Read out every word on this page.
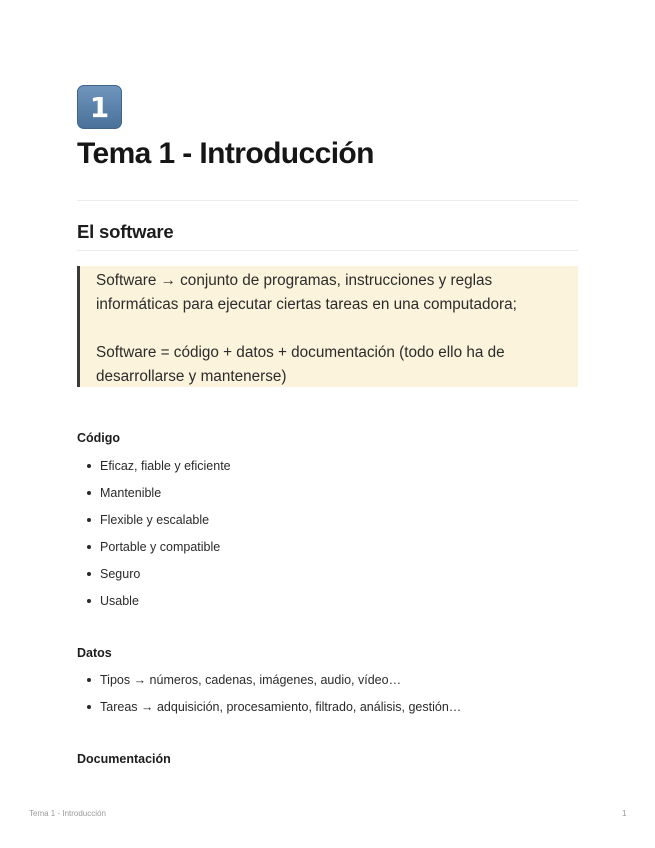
1
Tema 1 - Introducción
El software

Software → conjunto de programas, instrucciones y reglas informáticas para ejecutar ciertas tareas en una computadora;

Software = código + datos + documentación (todo ello ha de desarrollarse y mantenerse)

Código
Eficaz, fiable y eficiente
Mantenible
Flexible y escalable
Portable y compatible
Seguro
Usable
Datos
Tipos → números, cadenas, imágenes, audio, vídeo…
Tareas → adquisición, procesamiento, filtrado, análisis, gestión…
Documentación
Tema 1 - Introducción	1
